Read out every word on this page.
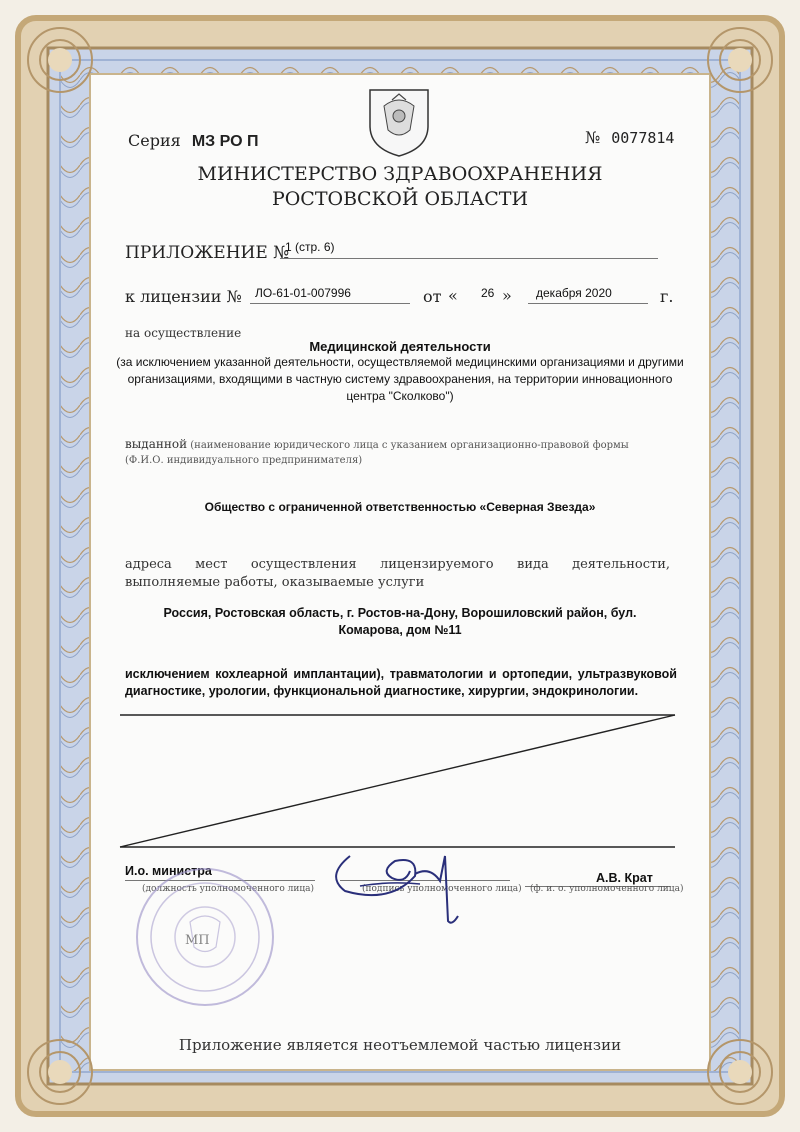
Серия МЗ РО П	№ 0077814
МИНИСТЕРСТВО ЗДРАВООХРАНЕНИЯ
РОСТОВСКОЙ ОБЛАСТИ
ПРИЛОЖЕНИЕ №
1 (стр. 6)
к лицензии № ЛО-61-01-007996	от « 26 » декабря 2020	г.
на осуществление
Медицинской деятельности
(за исключением указанной деятельности, осуществляемой медицинскими организациями и другими организациями, входящими в частную систему здравоохранения, на территории инновационного центра "Сколково")
выданной (наименование юридического лица с указанием организационно-правовой формы (Ф.И.О. индивидуального предпринимателя)
Общество с ограниченной ответственностью «Северная Звезда»
адреса мест осуществления лицензируемого вида деятельности, выполняемые работы, оказываемые услуги
Россия, Ростовская область, г. Ростов-на-Дону, Ворошиловский район, бул. Комарова, дом №11
исключением кохлеарной имплантации), травматологии и ортопедии, ультразвуковой диагностике, урологии, функциональной диагностике, хирургии, эндокринологии.
И.о. министра
(должность уполномоченного лица)	(подпись уполномоченного лица)
А.В. Крат
(ф. и. о. уполномоченного лица)
МП
Приложение является неотъемлемой частью лицензии
